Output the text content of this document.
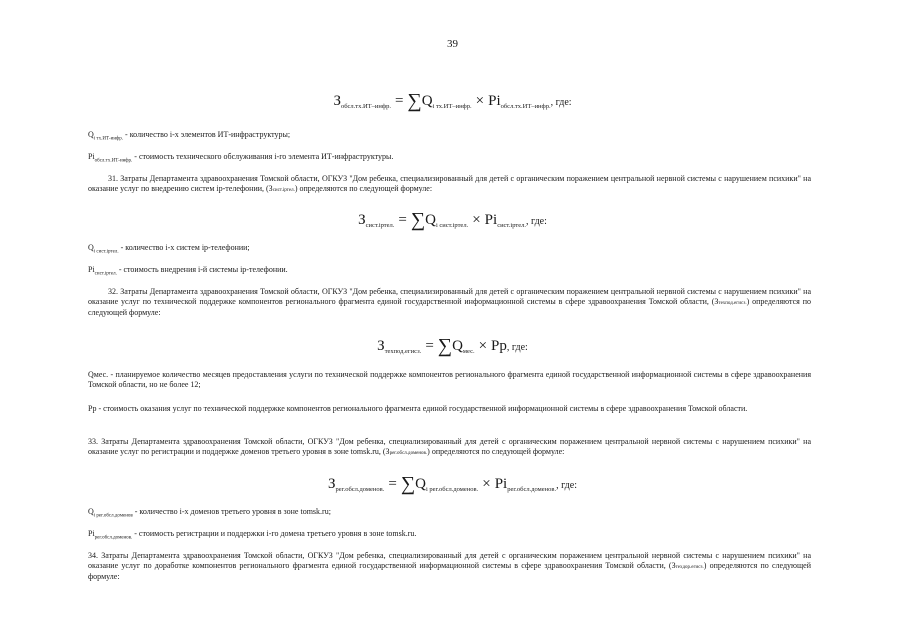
39
$З_{обсл.тх.ИТ-инфр.} = \sum Q_{i тх.ИТ-инфр.} \times Pi_{обсл.тх.ИТ-инфр.}$, где:
$Q_{i тх.ИТ-инфр.}$ - количество i-х элементов ИТ-инфраструктуры;
$Pi_{обсл.тх.ИТ-инфр.}$ - стоимость технического обслуживания i-го элемента ИТ-инфраструктуры.
31. Затраты Департамента здравоохранения Томской области, ОГКУЗ "Дом ребенка, специализированный для детей с органическим поражением центральной нервной системы с нарушением психики" на оказание услуг по внедрению систем ip-телефонии, (Зсист.iртел.) определяются по следующей формуле:
$З_{сист.iртел.} = \sum Q_{i сист.iртел.} \times Pi_{сист.iртел.}$, где:
$Q_{i сист.iртел.}$ - количество i-х систем ip-телефонии;
$Pi_{сист.iртел.}$ - стоимость внедрения i-й системы ip-телефонии.
32. Затраты Департамента здравоохранения Томской области, ОГКУЗ "Дом ребенка, специализированный для детей с органическим поражением центральной нервной системы с нарушением психики" на оказание услуг по технической поддержке компонентов регионального фрагмента единой государственной информационной системы в сфере здравоохранения Томской области, (Зтехпод.егисз.) определяются по следующей формуле:
$З_{техпод.егисз.} = \sum Q_{мес.} \times Pp$, где:
Qмес. - планируемое количество месяцев предоставления услуги по технической поддержке компонентов регионального фрагмента единой государственной информационной системы в сфере здравоохранения Томской области, но не более 12;
Pp - стоимость оказания услуг по технической поддержке компонентов регионального фрагмента единой государственной информационной системы в сфере здравоохранения Томской области.
33. Затраты Департамента здравоохранения Томской области, ОГКУЗ "Дом ребенка, специализированный для детей с органическим поражением центральной нервной системы с нарушением психики" на оказание услуг по регистрации и поддержке доменов третьего уровня в зоне tomsk.ru, (Зрег.обсл.доменов.) определяются по следующей формуле:
$З_{рег.обсл.доменов.} = \sum Q_{i рег.обсл.доменов.} \times Pi_{рег.обсл.доменов.}$, где:
$Q_{i рег.обсл.доменов}$ - количество i-х доменов третьего уровня в зоне tomsk.ru;
$Pi_{рег.обсл.доменов.}$ - стоимость регистрации и поддержки i-го домена третьего уровня в зоне tomsk.ru.
34. Затраты Департамента здравоохранения Томской области, ОГКУЗ "Дом ребенка, специализированный для детей с органическим поражением центральной нервной системы с нарушением психики" на оказание услуг по доработке компонентов регионального фрагмента единой государственной информационной системы в сфере здравоохранения Томской области, (Зтехдор.егисз.) определяются по следующей формуле:
